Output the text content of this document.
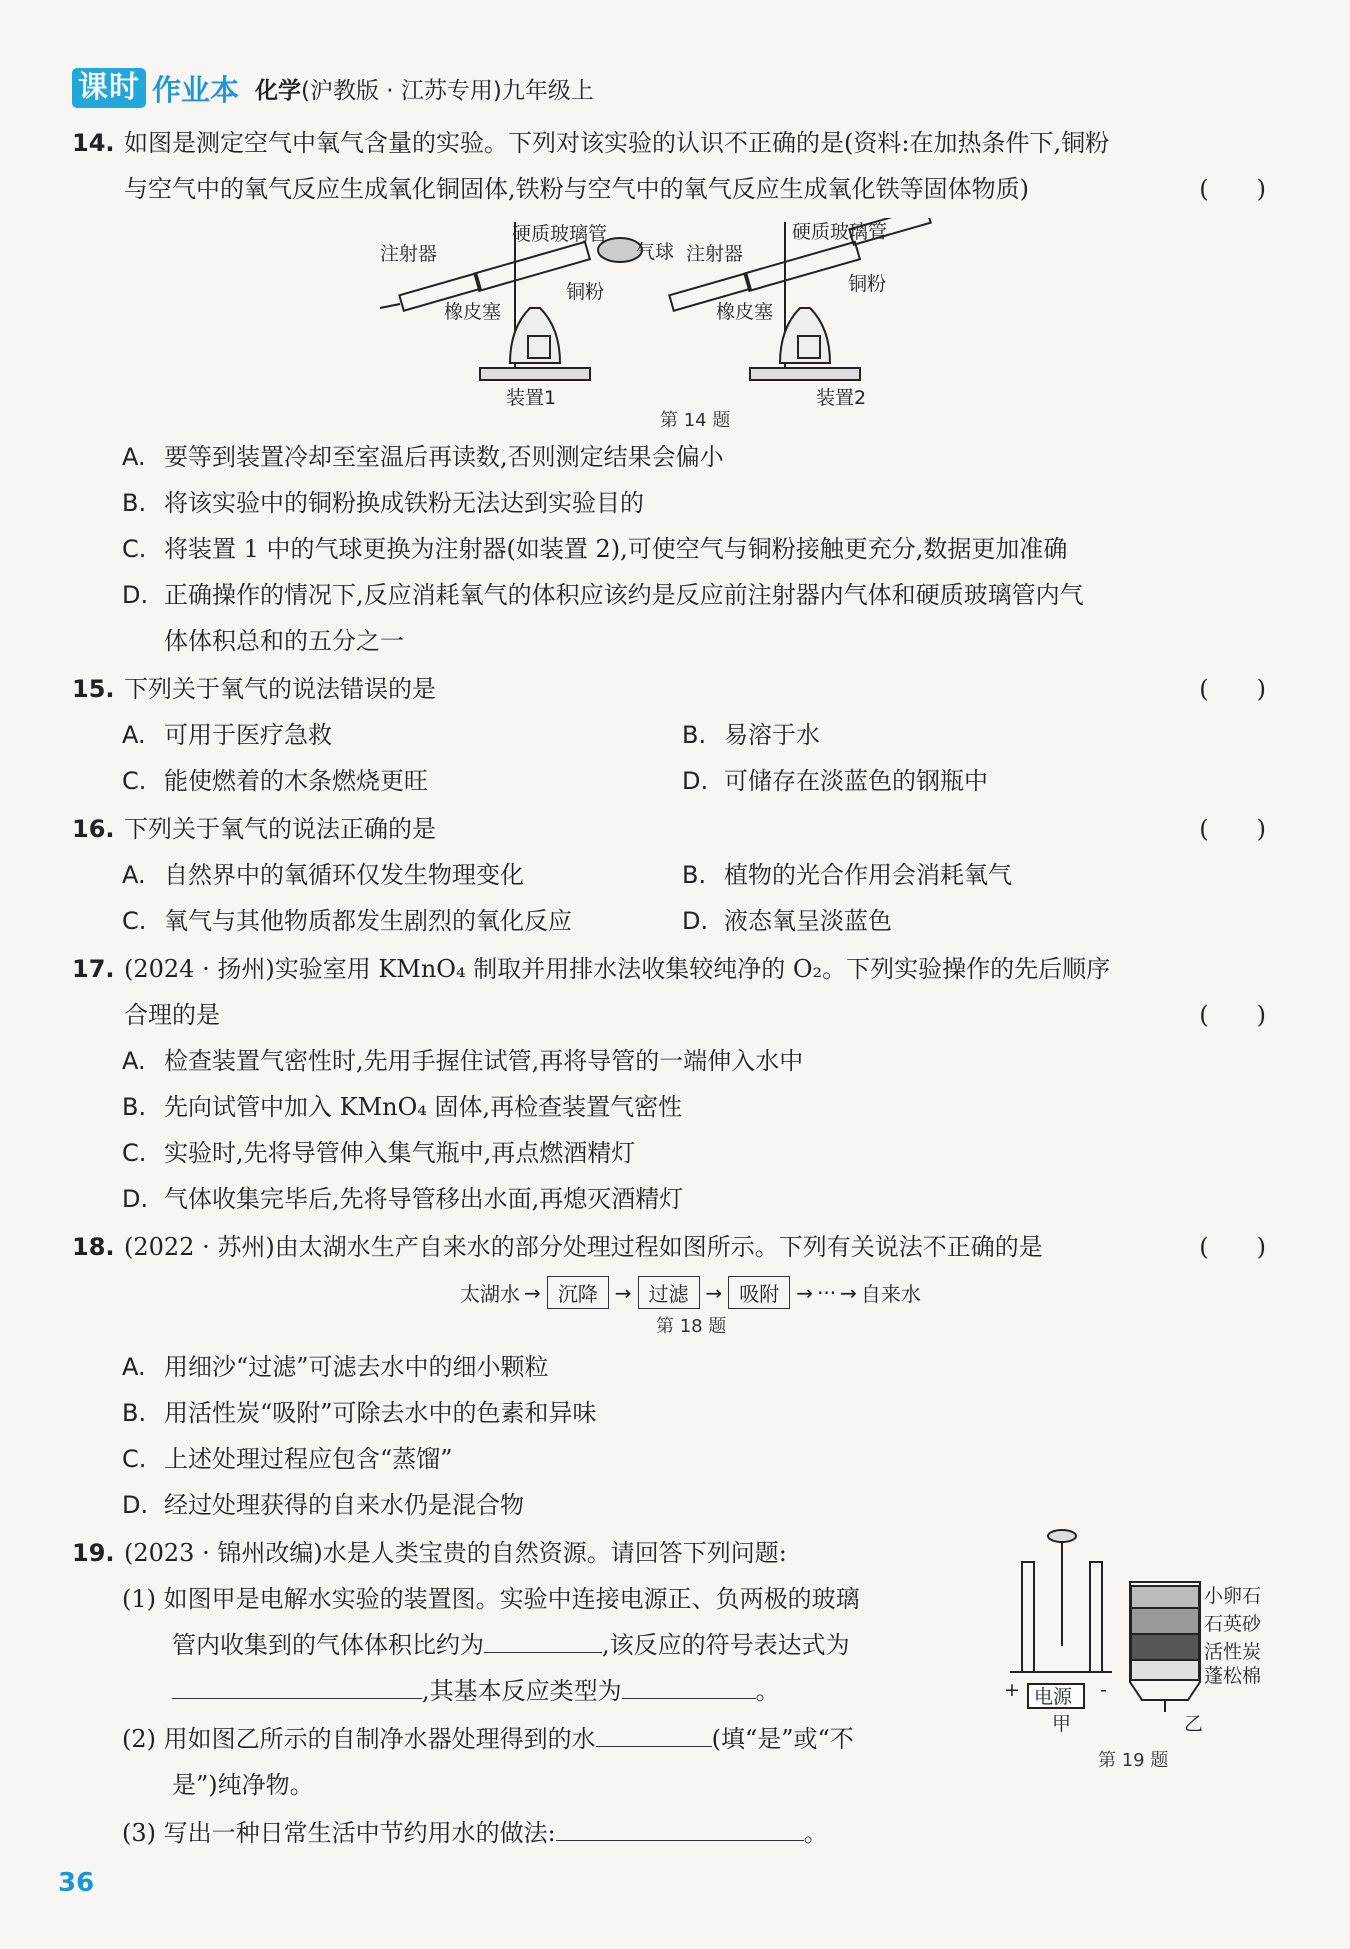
课时 作业本 化学(沪教版 · 江苏专用)九年级上
14. 如图是测定空气中氧气含量的实验。下列对该实验的认识不正确的是(资料:在加热条件下,铜粉
与空气中的氧气反应生成氧化铜固体,铁粉与空气中的氧气反应生成氧化铁等固体物质)	(　　)
注射器
硬质玻璃管
气球
铜粉
橡皮塞
装置1
注射器
硬质玻璃管
铜粉
橡皮塞
装置2
第 14 题
A. 要等到装置冷却至室温后再读数,否则测定结果会偏小
B. 将该实验中的铜粉换成铁粉无法达到实验目的
C. 将装置 1 中的气球更换为注射器(如装置 2),可使空气与铜粉接触更充分,数据更加准确
D. 正确操作的情况下,反应消耗氧气的体积应该约是反应前注射器内气体和硬质玻璃管内气
体体积总和的五分之一
15. 下列关于氧气的说法错误的是	(　　)
A. 可用于医疗急救	B. 易溶于水
C. 能使燃着的木条燃烧更旺	D. 可储存在淡蓝色的钢瓶中
16. 下列关于氧气的说法正确的是	(　　)
A. 自然界中的氧循环仅发生物理变化	B. 植物的光合作用会消耗氧气
C. 氧气与其他物质都发生剧烈的氧化反应	D. 液态氧呈淡蓝色
17. (2024 · 扬州)实验室用 KMnO₄ 制取并用排水法收集较纯净的 O₂。下列实验操作的先后顺序
合理的是	(　　)
A. 检查装置气密性时,先用手握住试管,再将导管的一端伸入水中
B. 先向试管中加入 KMnO₄ 固体,再检查装置气密性
C. 实验时,先将导管伸入集气瓶中,再点燃酒精灯
D. 气体收集完毕后,先将导管移出水面,再熄灭酒精灯
18. (2022 · 苏州)由太湖水生产自来水的部分处理过程如图所示。下列有关说法不正确的是	(　　)
太湖水 → 沉降 → 过滤 → 吸附 → ··· → 自来水
第 18 题
A. 用细沙“过滤”可滤去水中的细小颗粒
B. 用活性炭“吸附”可除去水中的色素和异味
C. 上述处理过程应包含“蒸馏”
D. 经过处理获得的自来水仍是混合物
19. (2023 · 锦州改编)水是人类宝贵的自然资源。请回答下列问题:
(1) 如图甲是电解水实验的装置图。实验中连接电源正、负两极的玻璃
管内收集到的气体体积比约为	,该反应的符号表达式为
,其基本反应类型为	。
(2) 用如图乙所示的自制净水器处理得到的水	(填“是”或“不
是”)纯净物。
(3) 写出一种日常生活中节约用水的做法:	。
+	-
电源
甲	乙
小卵石
石英砂
活性炭
蓬松棉
第 19 题
36
